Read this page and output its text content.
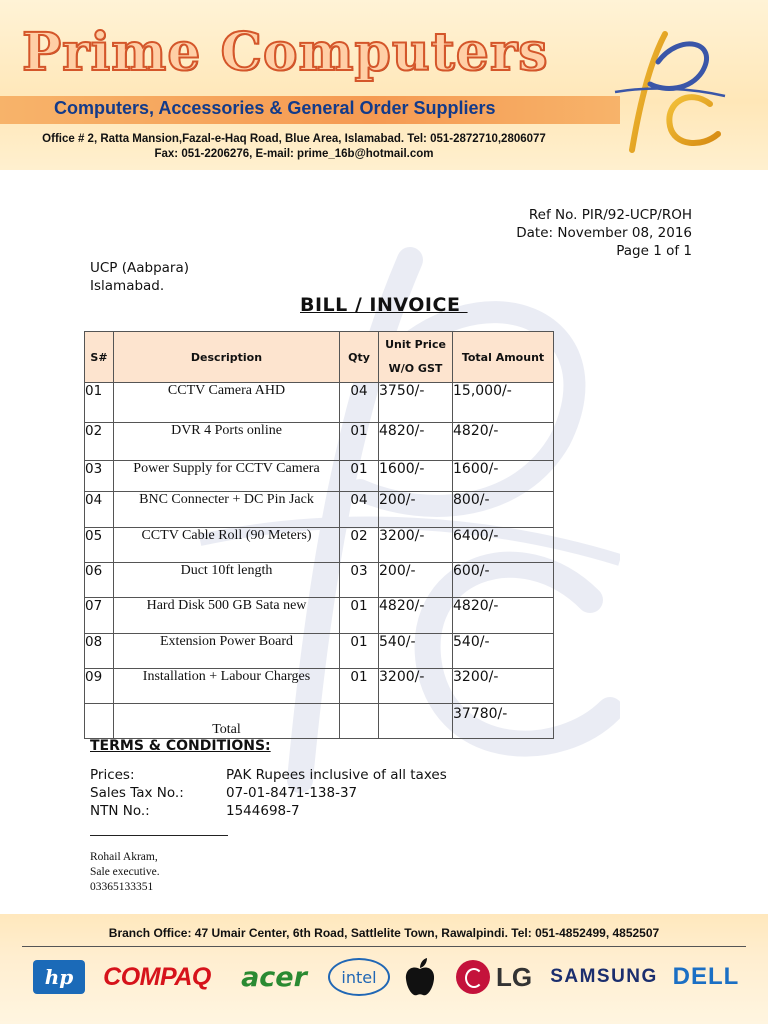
Prime Computers
Computers, Accessories & General Order Suppliers
Office # 2, Ratta Mansion,Fazal-e-Haq Road, Blue Area, Islamabad. Tel: 051-2872710,2806077
Fax: 051-2206276, E-mail: prime_16b@hotmail.com
Ref No. PIR/92-UCP/ROH
Date: November 08, 2016
Page 1 of 1
UCP (Aabpara)
Islamabad.
BILL / INVOICE
S#	Description	Qty	Unit Price
W/O GST	Total Amount
01	CCTV Camera AHD	04	3750/-	15,000/-
02	DVR 4 Ports online	01	4820/-	4820/-
03	Power Supply for CCTV Camera	01	1600/-	1600/-
04	BNC Connecter + DC Pin Jack	04	200/-	800/-
05	CCTV Cable Roll (90 Meters)	02	3200/-	6400/-
06	Duct 10ft length	03	200/-	600/-
07	Hard Disk 500 GB Sata new	01	4820/-	4820/-
08	Extension Power Board	01	540/-	540/-
09	Installation + Labour Charges	01	3200/-	3200/-
	Total			37780/-
TERMS & CONDITIONS:
Prices:	PAK Rupees inclusive of all taxes
Sales Tax No.:	07-01-8471-138-37
NTN No.:	1544698-7
Rohail Akram,
Sale executive.
03365133351
Branch Office: 47 Umair Center, 6th Road, Sattlelite Town, Rawalpindi. Tel: 051-4852499, 4852507
hp	COMPAQ	acer	intel	LG SAMSUNG DELL
